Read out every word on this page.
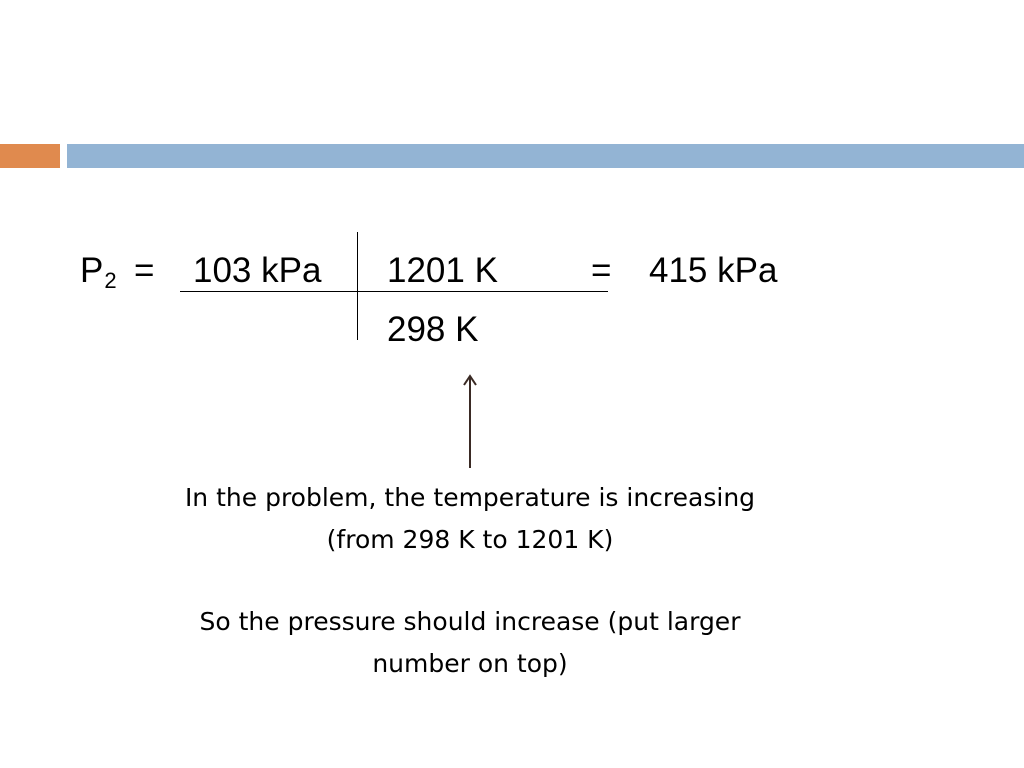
P2 = 103 kPa 1201 K	= 415 kPa
298 K
In the problem, the temperature is increasing
(from 298 K to 1201 K)
So the pressure should increase (put larger
number on top)
